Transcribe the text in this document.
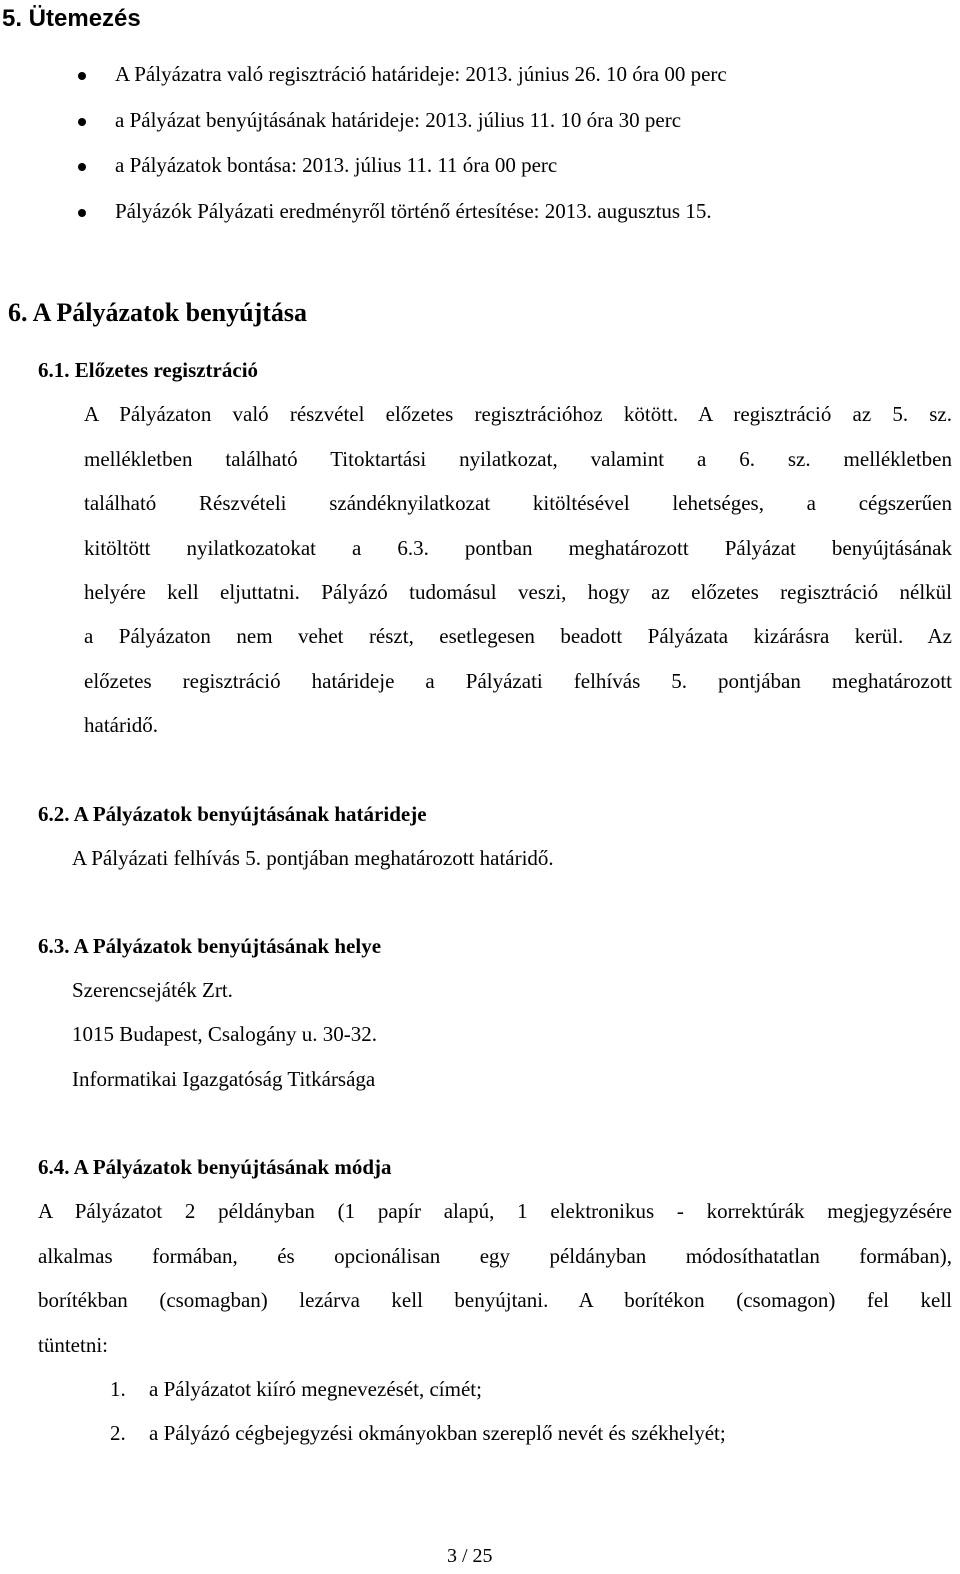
5. Ütemezés
A Pályázatra való regisztráció határideje: 2013. június 26. 10 óra 00 perc
a Pályázat benyújtásának határideje: 2013. július 11. 10 óra 30 perc
a Pályázatok bontása: 2013. július 11. 11 óra 00 perc
Pályázók Pályázati eredményről történő értesítése: 2013. augusztus 15.
6. A Pályázatok benyújtása
6.1. Előzetes regisztráció
A Pályázaton való részvétel előzetes regisztrációhoz kötött. A regisztráció az 5. sz.
mellékletben található Titoktartási nyilatkozat, valamint a 6. sz. mellékletben
található Részvételi szándéknyilatkozat kitöltésével lehetséges, a cégszerűen
kitöltött nyilatkozatokat a 6.3. pontban meghatározott Pályázat benyújtásának
helyére kell eljuttatni. Pályázó tudomásul veszi, hogy az előzetes regisztráció nélkül
a Pályázaton nem vehet részt, esetlegesen beadott Pályázata kizárásra kerül. Az
előzetes regisztráció határideje a Pályázati felhívás 5. pontjában meghatározott
határidő.
6.2. A Pályázatok benyújtásának határideje
A Pályázati felhívás 5. pontjában meghatározott határidő.
6.3. A Pályázatok benyújtásának helye
Szerencsejáték Zrt.
1015 Budapest, Csalogány u. 30-32.
Informatikai Igazgatóság Titkársága
6.4. A Pályázatok benyújtásának módja
A Pályázatot 2 példányban (1 papír alapú, 1 elektronikus - korrektúrák megjegyzésére
alkalmas formában, és opcionálisan egy példányban módosíthatatlan formában),
borítékban (csomagban) lezárva kell benyújtani. A borítékon (csomagon) fel kell
tüntetni:
1. a Pályázatot kiíró megnevezését, címét;
2. a Pályázó cégbejegyzési okmányokban szereplő nevét és székhelyét;
3 / 25
